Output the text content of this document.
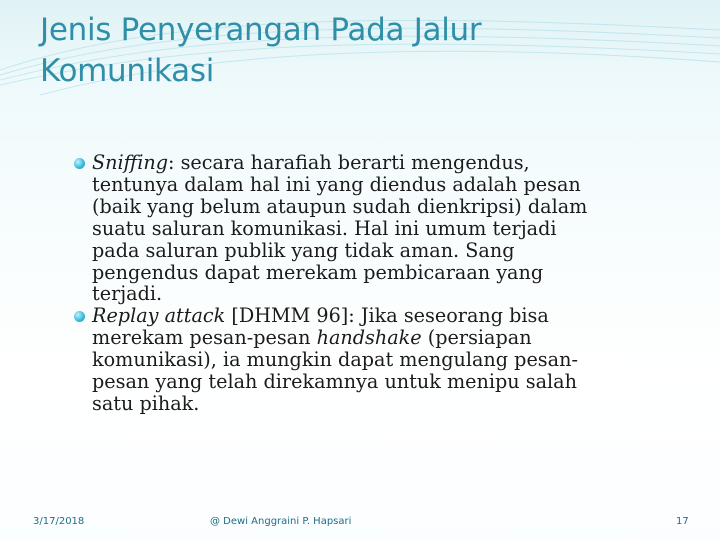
Jenis Penyerangan Pada Jalur
Komunikasi
Sniffing: secara harafiah berarti mengendus,
tentunya dalam hal ini yang diendus adalah pesan
(baik yang belum ataupun sudah dienkripsi) dalam
suatu saluran komunikasi. Hal ini umum terjadi
pada saluran publik yang tidak aman. Sang
pengendus dapat merekam pembicaraan yang
terjadi.
Replay attack [DHMM 96]: Jika seseorang bisa
merekam pesan-pesan handshake (persiapan
komunikasi), ia mungkin dapat mengulang pesan-
pesan yang telah direkamnya untuk menipu salah
satu pihak.
3/17/2018	@ Dewi Anggraini P. Hapsari	17
